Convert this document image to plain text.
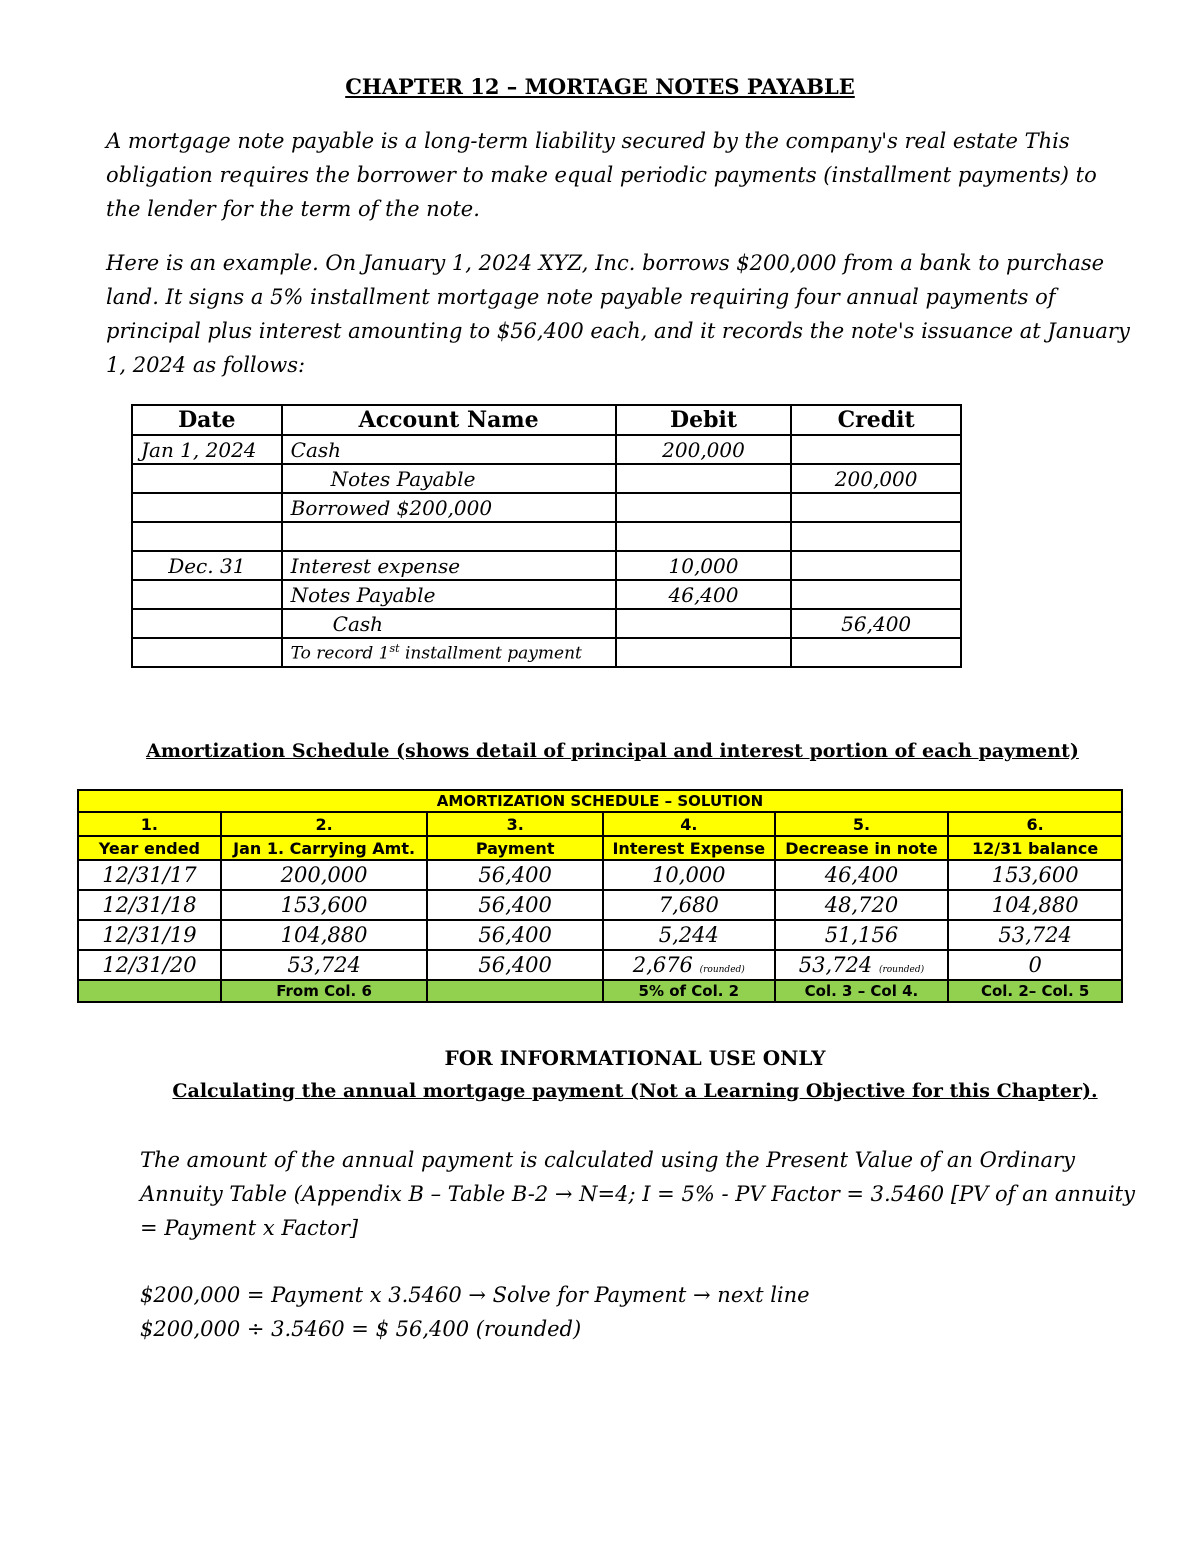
CHAPTER 12 – MORTAGE NOTES PAYABLE
A mortgage note payable is a long-term liability secured by the company's real estate This obligation requires the borrower to make equal periodic payments (installment payments) to the lender for the term of the note.
Here is an example. On January 1, 2024 XYZ, Inc. borrows $200,000 from a bank to purchase land. It signs a 5% installment mortgage note payable requiring four annual payments of principal plus interest amounting to $56,400 each, and it records the note's issuance at January 1, 2024 as follows:
Date	Account Name	Debit	Credit
Jan 1, 2024	Cash	200,000	
	Notes Payable		200,000
	Borrowed $200,000		

Dec. 31	Interest expense	10,000	
	Notes Payable	46,400	
	Cash		56,400
	To record 1st installment payment		
Amortization Schedule (shows detail of principal and interest portion of each payment)
AMORTIZATION SCHEDULE – SOLUTION					
1.	2.	3.	4.	5.	6.
Year ended	Jan 1. Carrying Amt.	Payment	Interest Expense	Decrease in note	12/31 balance
12/31/17	200,000	56,400	10,000	46,400	153,600
12/31/18	153,600	56,400	7,680	48,720	104,880
12/31/19	104,880	56,400	5,244	51,156	53,724
12/31/20	53,724	56,400	2,676 (rounded)	53,724 (rounded)	0
	From Col. 6		5% of Col. 2	Col. 3 – Col 4.	Col. 2– Col. 5
FOR INFORMATIONAL USE ONLY
Calculating the annual mortgage payment (Not a Learning Objective for this Chapter).
The amount of the annual payment is calculated using the Present Value of an Ordinary Annuity Table (Appendix B – Table B-2 → N=4; I = 5% - PV Factor = 3.5460 [PV of an annuity = Payment x Factor]
$200,000 = Payment x 3.5460 → Solve for Payment → next line
$200,000 ÷ 3.5460 = $ 56,400 (rounded)
